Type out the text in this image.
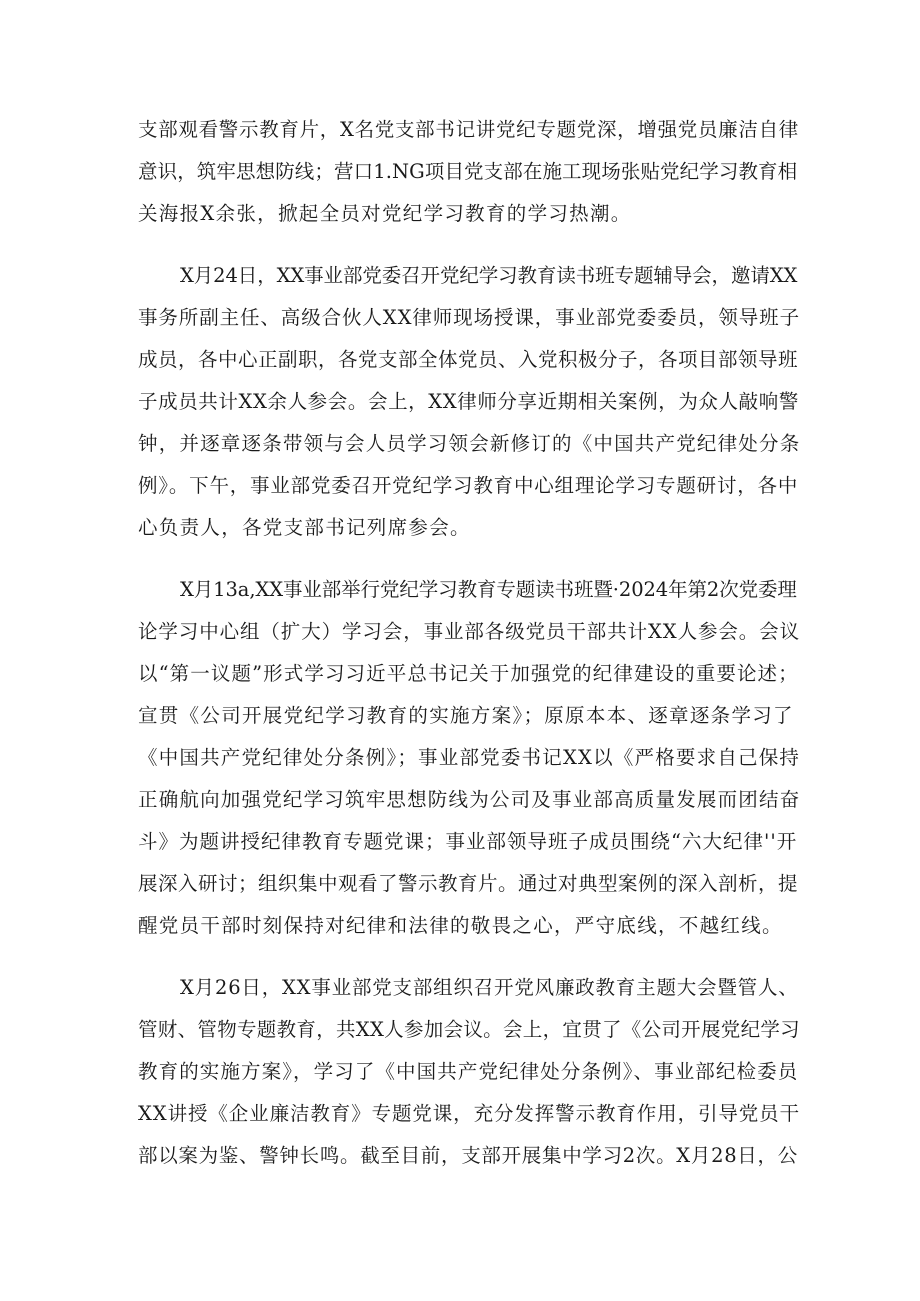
支部观看警示教育片，X名党支部书记讲党纪专题党深，增强党员廉洁自律
意识，筑牢思想防线；营口1.NG项目党支部在施工现场张贴党纪学习教育相
关海报X余张，掀起全员对党纪学习教育的学习热潮。
X月24日，XX事业部党委召开党纪学习教育读书班专题辅导会，邀请XX
事务所副主任、高级合伙人XX律师现场授课，事业部党委委员，领导班子
成员，各中心正副职，各党支部全体党员、入党积极分子，各项目部领导班
子成员共计XX余人参会。会上，XX律师分享近期相关案例，为众人敲响警
钟，并逐章逐条带领与会人员学习领会新修订的《中国共产党纪律处分条
例》。下午，事业部党委召开党纪学习教育中心组理论学习专题研讨，各中
心负责人，各党支部书记列席参会。
X月13a,XX事业部举行党纪学习教育专题读书班暨·2024年第2次党委理
论学习中心组（扩大）学习会，事业部各级党员干部共计XX人参会。会议
以“第一议题”形式学习习近平总书记关于加强党的纪律建设的重要论述；
宣贯《公司开展党纪学习教育的实施方案》；原原本本、逐章逐条学习了
《中国共产党纪律处分条例》；事业部党委书记XX以《严格要求自己保持
正确航向加强党纪学习筑牢思想防线为公司及事业部高质量发展而团结奋
斗》为题讲授纪律教育专题党课；事业部领导班子成员围绕“六大纪律''开
展深入研讨；组织集中观看了警示教育片。通过对典型案例的深入剖析，提
醒党员干部时刻保持对纪律和法律的敬畏之心，严守底线，不越红线。
X月26日，XX事业部党支部组织召开党风廉政教育主题大会暨管人、
管财、管物专题教育，共XX人参加会议。会上，宜贯了《公司开展党纪学习
教育的实施方案》，学习了《中国共产党纪律处分条例》、事业部纪检委员
XX讲授《企业廉洁教育》专题党课，充分发挥警示教育作用，引导党员干
部以案为鉴、警钟长鸣。截至目前，支部开展集中学习2次。X月28日，公
